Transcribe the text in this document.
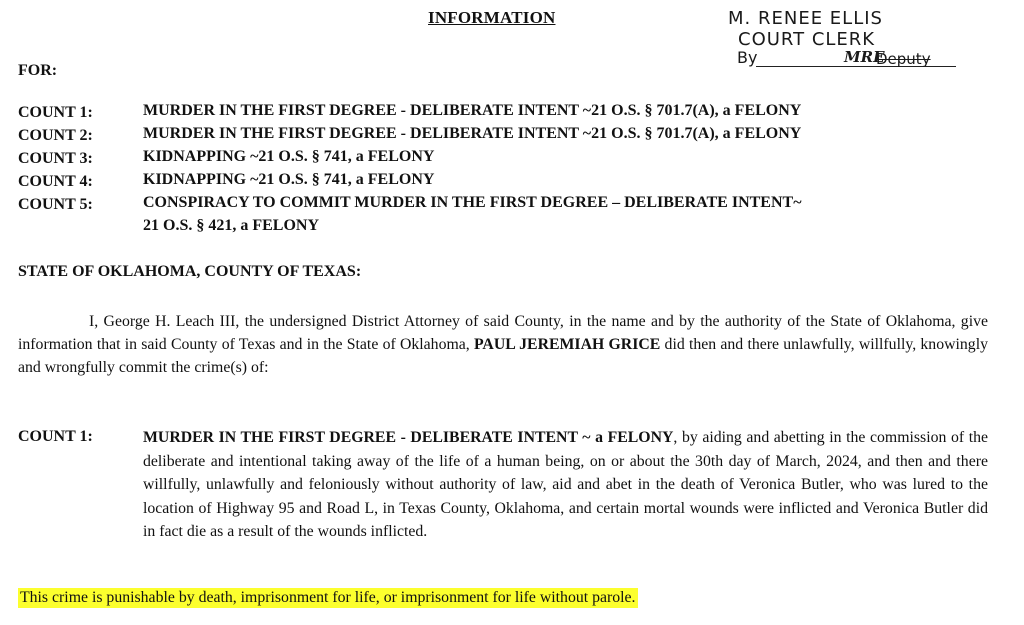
INFORMATION	M. RENEE ELLIS
COURT CLERK
By	MRE
Deputy
FOR:
COUNT 1:	MURDER IN THE FIRST DEGREE - DELIBERATE INTENT ~21 O.S. § 701.7(A), a FELONY
COUNT 2:	MURDER IN THE FIRST DEGREE - DELIBERATE INTENT ~21 O.S. § 701.7(A), a FELONY
COUNT 3:	KIDNAPPING ~21 O.S. § 741, a FELONY
COUNT 4:	KIDNAPPING ~21 O.S. § 741, a FELONY
COUNT 5:	CONSPIRACY TO COMMIT MURDER IN THE FIRST DEGREE – DELIBERATE INTENT~
21 O.S. § 421, a FELONY
STATE OF OKLAHOMA, COUNTY OF TEXAS:
I, George H. Leach III, the undersigned District Attorney of said County, in the name and by the authority of the State of Oklahoma, give information that in said County of Texas and in the State of Oklahoma, PAUL JEREMIAH GRICE did then and there unlawfully, willfully, knowingly and wrongfully commit the crime(s) of:
COUNT 1:	MURDER IN THE FIRST DEGREE - DELIBERATE INTENT ~ a FELONY, by aiding and abetting in the commission of the deliberate and intentional taking away of the life of a human being, on or about the 30th day of March, 2024, and then and there willfully, unlawfully and feloniously without authority of law, aid and abet in the death of Veronica Butler, who was lured to the location of Highway 95 and Road L, in Texas County, Oklahoma, and certain mortal wounds were inflicted and Veronica Butler did in fact die as a result of the wounds inflicted.
This crime is punishable by death, imprisonment for life, or imprisonment for life without parole.
